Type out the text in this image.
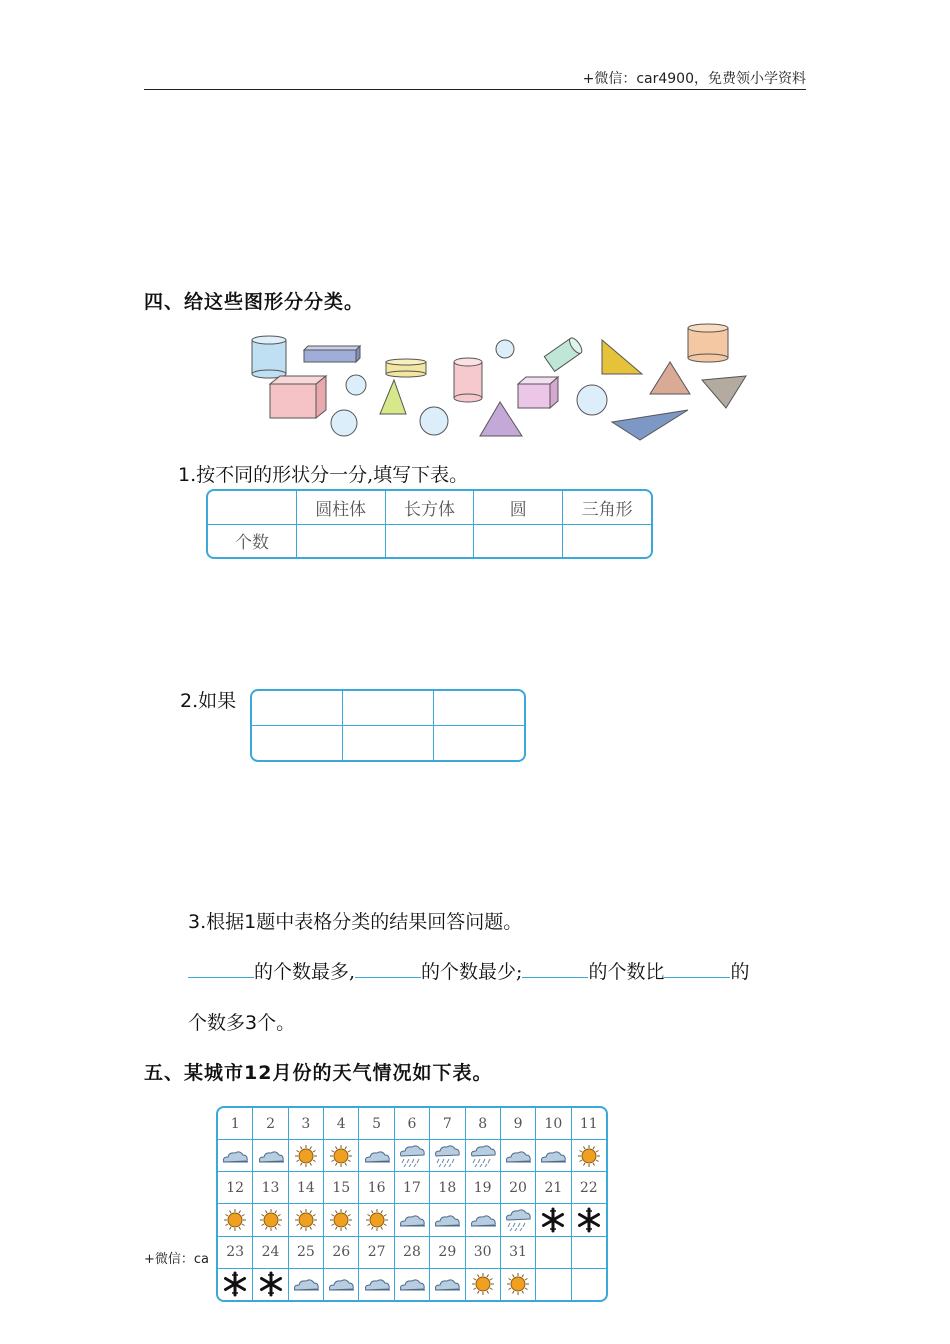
+微信：car4900，免费领小学资料
四、给这些图形分分类。
1.按不同的形状分一分,填写下表。
	圆柱体	长方体	圆	三角形
个数				
2.如果

3.根据1题中表格分类的结果回答问题。
的个数最多,	的个数最少;	的个数比	的
个数多3个。
五、某城市12月份的天气情况如下表。
+微信：ca
1	2	3	4	5	6	7	8	9	10	11

12	13	14	15	16	17	18	19	20	21	22

23	24	25	26	27	28	29	30	31		
